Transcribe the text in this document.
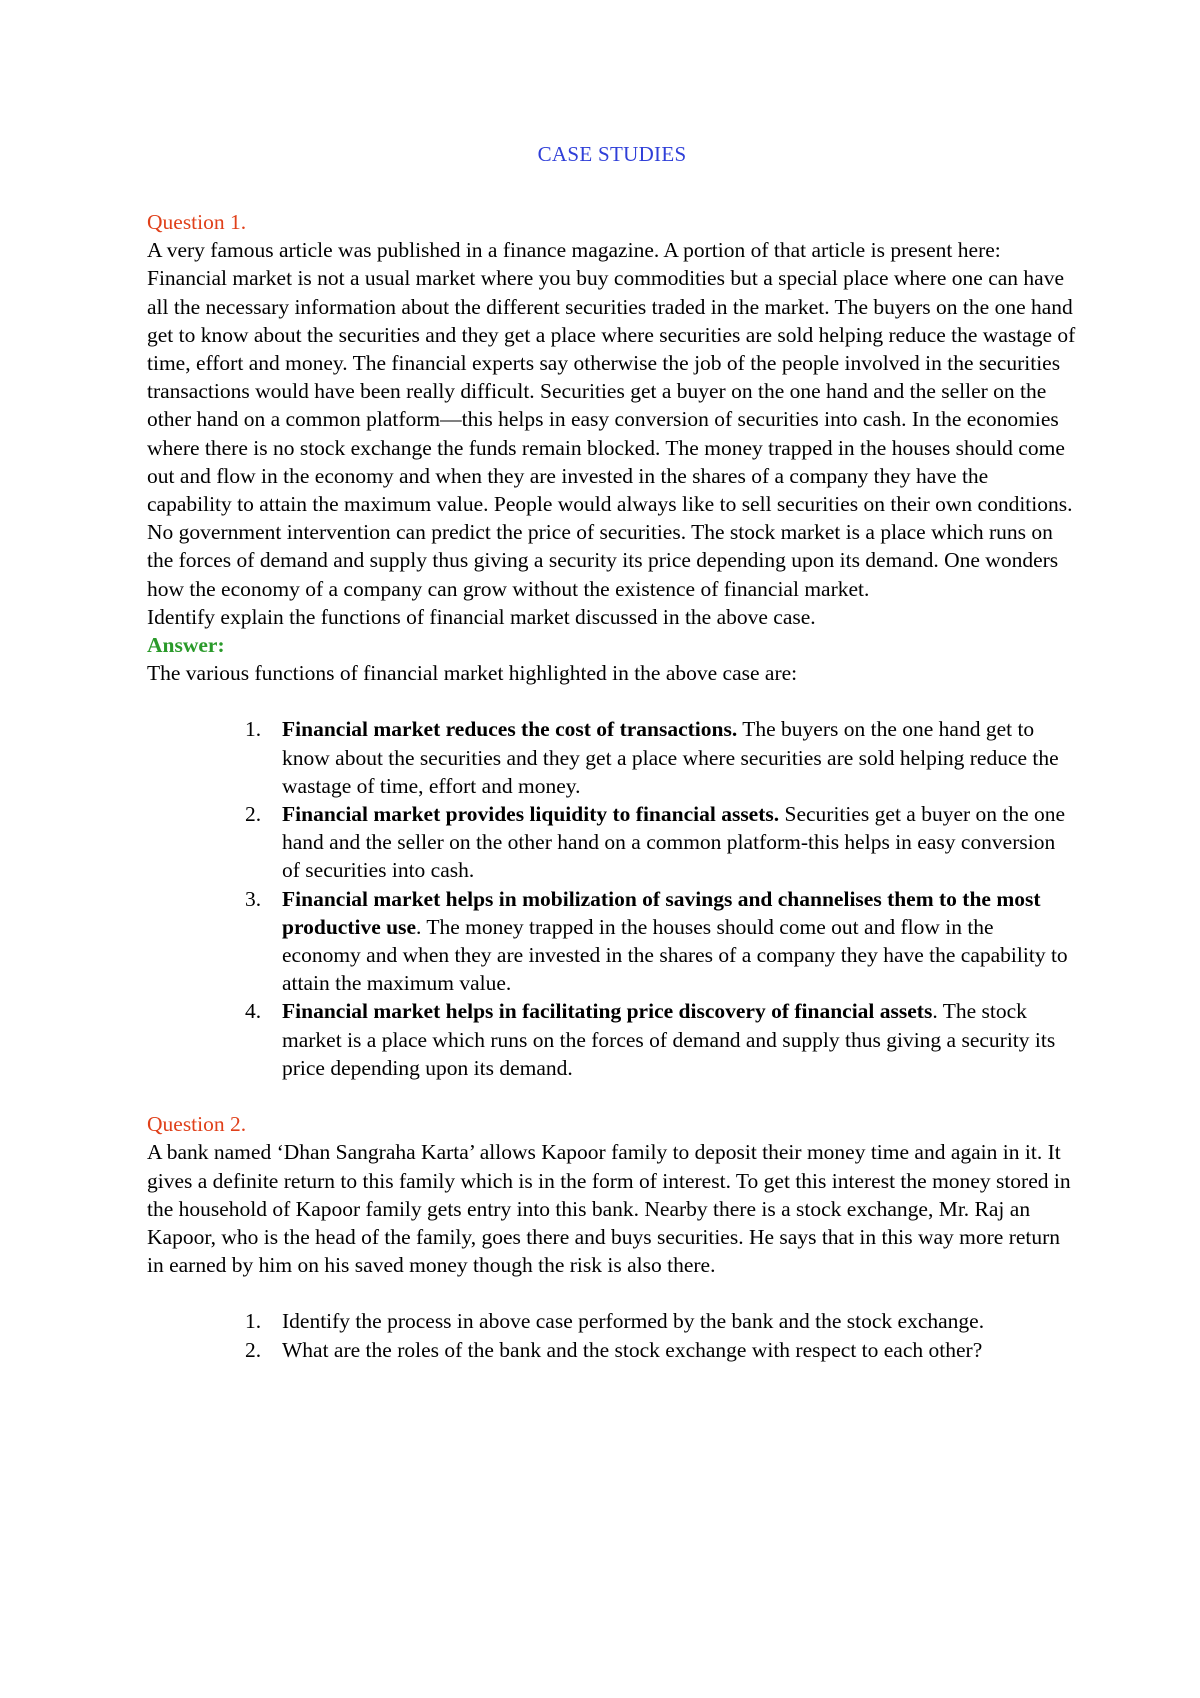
CASE STUDIES

Question 1.

A very famous article was published in a finance magazine. A portion of that article is present here:

Financial market is not a usual market where you buy commodities but a special place where one can have all the necessary information about the different securities traded in the market. The buyers on the one hand get to know about the securities and they get a place where securities are sold helping reduce the wastage of time, effort and money. The financial experts say otherwise the job of the people involved in the securities transactions would have been really difficult. Securities get a buyer on the one hand and the seller on the other hand on a common platform—this helps in easy conversion of securities into cash. In the economies where there is no stock exchange the funds remain blocked. The money trapped in the houses should come out and flow in the economy and when they are invested in the shares of a company they have the capability to attain the maximum value. People would always like to sell securities on their own conditions. No government intervention can predict the price of securities. The stock market is a place which runs on the forces of demand and supply thus giving a security its price depending upon its demand. One wonders how the economy of a company can grow without the existence of financial market.

Identify explain the functions of financial market discussed in the above case.

Answer:

The various functions of financial market highlighted in the above case are:

1. Financial market reduces the cost of transactions. The buyers on the one hand get to know about the securities and they get a place where securities are sold helping reduce the wastage of time, effort and money.
2. Financial market provides liquidity to financial assets. Securities get a buyer on the one hand and the seller on the other hand on a common platform-this helps in easy conversion of securities into cash.
3. Financial market helps in mobilization of savings and channelises them to the most productive use. The money trapped in the houses should come out and flow in the economy and when they are invested in the shares of a company they have the capability to attain the maximum value.
4. Financial market helps in facilitating price discovery of financial assets. The stock market is a place which runs on the forces of demand and supply thus giving a security its price depending upon its demand.

Question 2.

A bank named ‘Dhan Sangraha Karta’ allows Kapoor family to deposit their money time and again in it. It gives a definite return to this family which is in the form of interest. To get this interest the money stored in the household of Kapoor family gets entry into this bank. Nearby there is a stock exchange, Mr. Raj an Kapoor, who is the head of the family, goes there and buys securities. He says that in this way more return in earned by him on his saved money though the risk is also there.

1. Identify the process in above case performed by the bank and the stock exchange.
2. What are the roles of the bank and the stock exchange with respect to each other?
